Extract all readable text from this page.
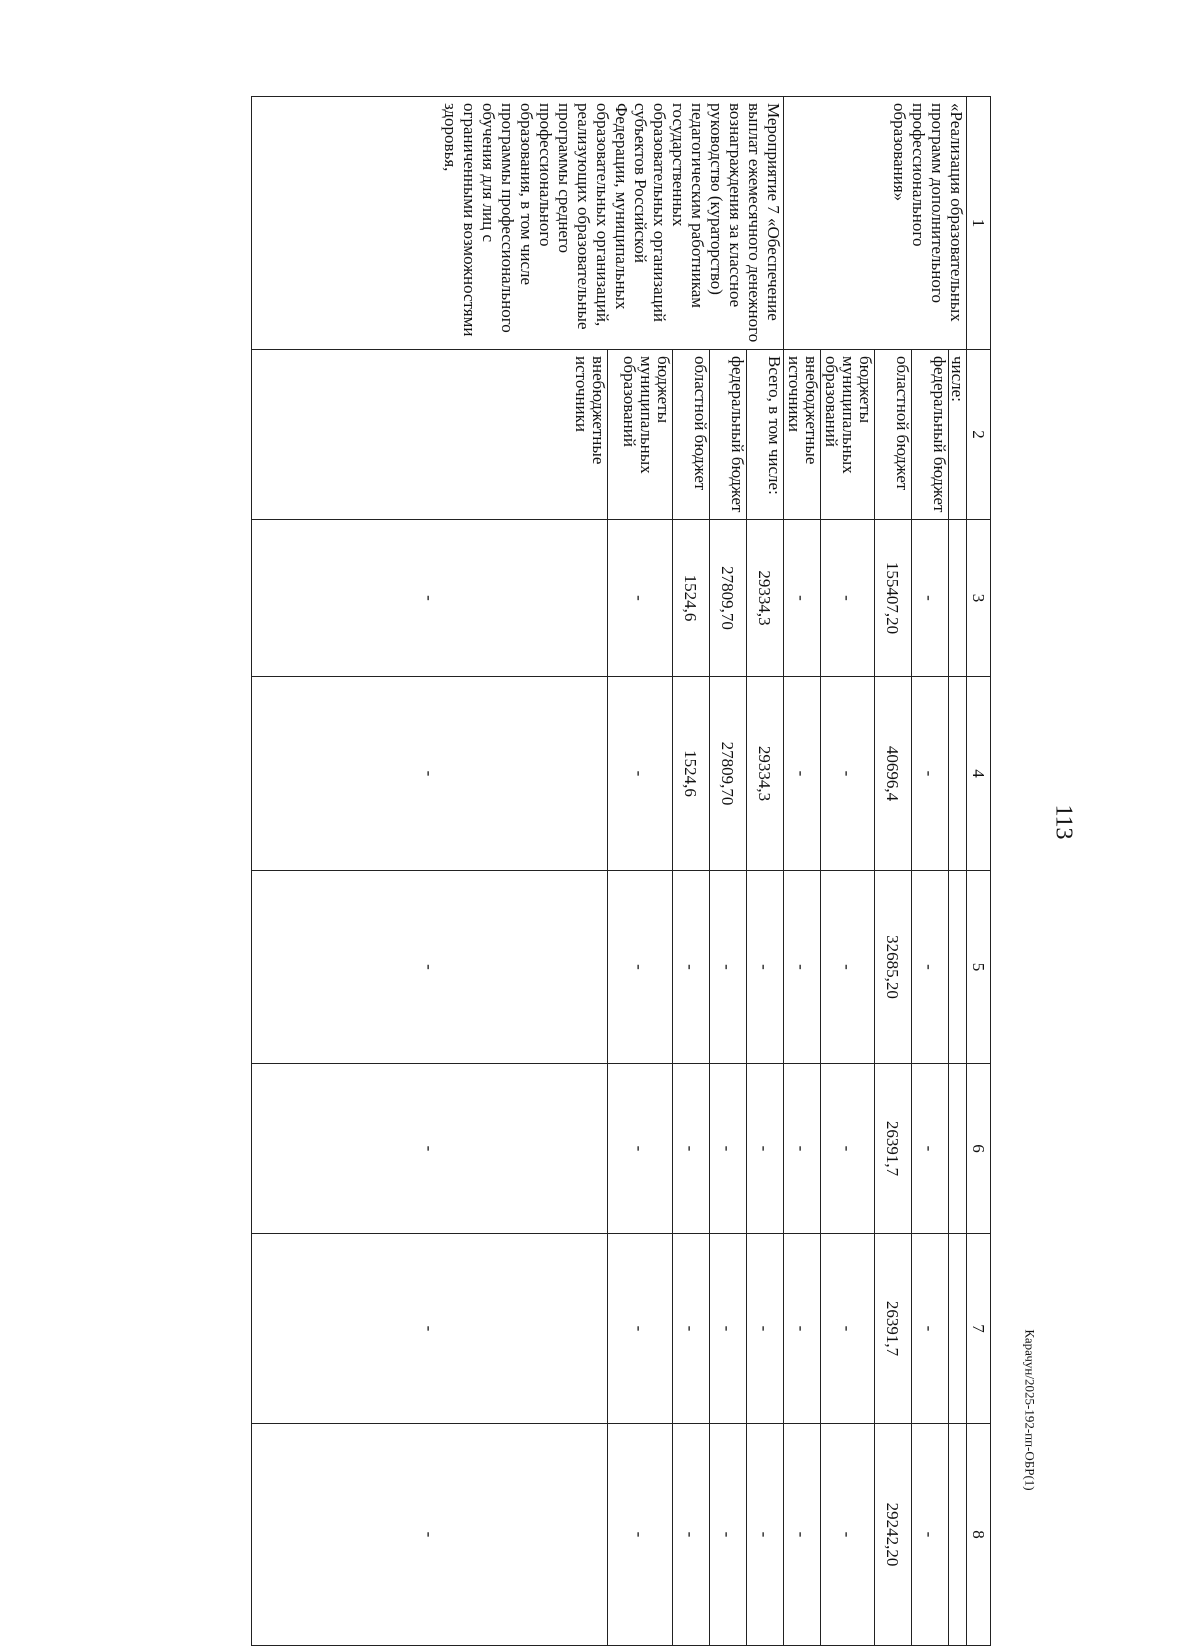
113
Карачун/2025-192-пп-ОБР(1)
1	2	3	4	5	6	7	8
«Реализация образовательных программ дополнительного профессионального образования»	числе:						
	федеральный бюджет	-	-	-	-	-	-
	областной бюджет	155407,20	40696,4	32685,20	26391,7	26391,7	29242,20
	бюджеты муниципальных образований	-	-	-	-	-	-
	внебюджетные источники	-	-	-	-	-	-
Мероприятие 7 «Обеспечение выплат ежемесячного денежного вознаграждения за классное руководство (кураторство) педагогическим работникам государственных образовательных организаций субъектов Российской Федерации, муниципальных образовательных организаций, реализующих образовательные программы среднего профессионального образования, в том числе программы профессионального обучения для лиц с ограниченными возможностями здоровья,	Всего, в том числе:	29334,3	29334,3	-	-	-	-
	федеральный бюджет	27809,70	27809,70	-	-	-	-
	областной бюджет	1524,6	1524,6	-	-	-	-
	бюджеты муниципальных образований	-	-	-	-	-	-
	внебюджетные источники	-	-	-	-	-	-
